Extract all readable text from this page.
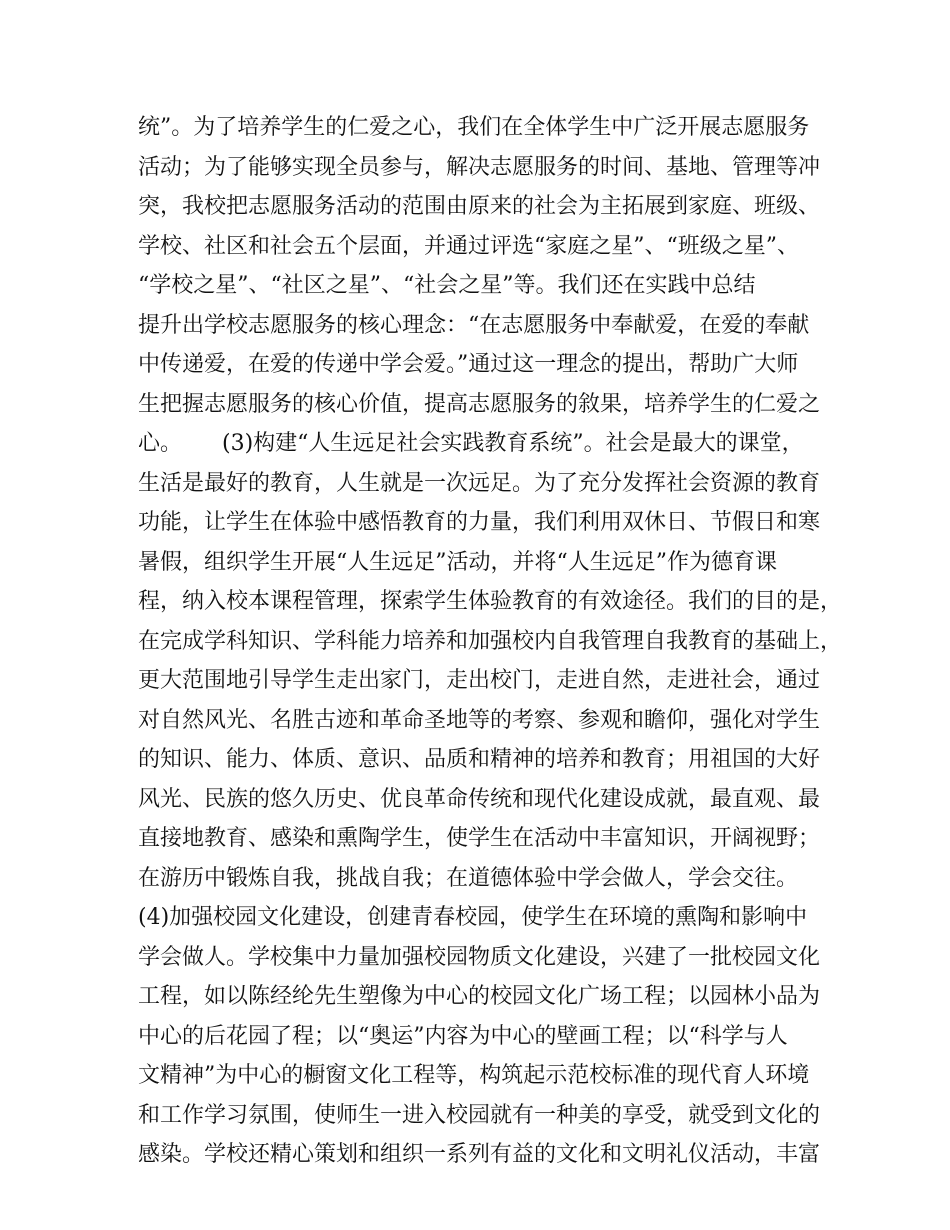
统”。为了培养学生的仁爱之心，我们在全体学生中广泛开展志愿服务
活动；为了能够实现全员参与，解决志愿服务的时间、基地、管理等冲
突，我校把志愿服务活动的范围由原来的社会为主拓展到家庭、班级、
学校、社区和社会五个层面，并通过评选“家庭之星”、“班级之星”、
“学校之星”、“社区之星”、“社会之星”等。我们还在实践中总结
提升出学校志愿服务的核心理念：“在志愿服务中奉献爱，在爱的奉献
中传递爱，在爱的传递中学会爱。”通过这一理念的提出，帮助广大师
生把握志愿服务的核心价值，提高志愿服务的敘果，培养学生的仁爱之
心。　　 (3)构建“人生远足社会实践教育系统”。社会是最大的课堂，
生活是最好的教育，人生就是一次远足。为了充分发挥社会资源的教育
功能，让学生在体验中感悟教育的力量，我们利用双休日、节假日和寒
暑假，组织学生开展“人生远足”活动，并将“人生远足”作为德育课
程，纳入校本课程管理，探索学生体验教育的有效途径。我们的目的是，
在完成学科知识、学科能力培养和加强校内自我管理自我教育的基础上，
更大范围地引导学生走出家门，走出校门，走进自然，走进社会，通过
对自然风光、名胜古迹和革命圣地等的考察、参观和瞻仰，强化对学生
的知识、能力、体质、意识、品质和精神的培养和教育；用祖国的大好
风光、民族的悠久历史、优良革命传统和现代化建设成就，最直观、最
直接地教育、感染和熏陶学生，使学生在活动中丰富知识，开阔视野；
在游历中锻炼自我，挑战自我；在道德体验中学会做人，学会交往。
(4)加强校园文化建设，创建青春校园，使学生在环境的熏陶和影响中
学会做人。学校集中力量加强校园物质文化建设，兴建了一批校园文化
工程，如以陈经纶先生塑像为中心的校园文化广场工程；以园林小品为
中心的后花园了程；以“奥运”内容为中心的壁画工程；以“科学与人
文精神”为中心的橱窗文化工程等，构筑起示范校标准的现代育人环境
和工作学习氛围，使师生一进入校园就有一种美的享受，就受到文化的
感染。学校还精心策划和组织一系列有益的文化和文明礼仪活动，丰富
